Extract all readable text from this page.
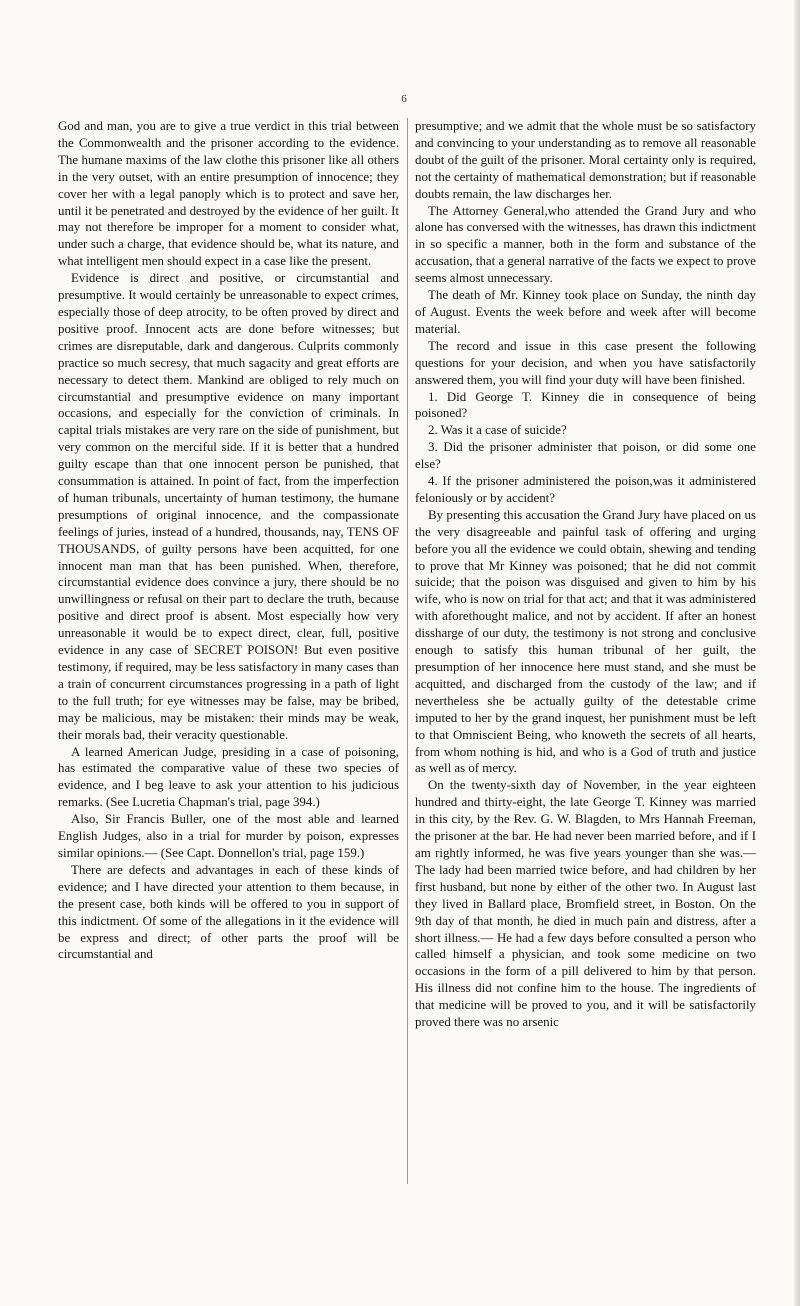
6

God and man, you are to give a true verdict in this trial between the Commonwealth and the prisoner according to the evidence. The humane maxims of the law clothe this prisoner like all others in the very outset, with an entire presumption of innocence; they cover her with a legal panoply which is to protect and save her, until it be penetrated and destroyed by the evidence of her guilt. It may not therefore be improper for a moment to consider what, under such a charge, that evidence should be, what its nature, and what intelligent men should expect in a case like the present.

Evidence is direct and positive, or circumstantial and presumptive. It would certainly be unreasonable to expect crimes, especially those of deep atrocity, to be often proved by direct and positive proof. Innocent acts are done before witnesses; but crimes are disreputable, dark and dangerous. Culprits commonly practice so much secresy, that much sagacity and great efforts are necessary to detect them. Mankind are obliged to rely much on circumstantial and presumptive evidence on many important occasions, and especially for the conviction of criminals. In capital trials mistakes are very rare on the side of punishment, but very common on the merciful side. If it is better that a hundred guilty escape than that one innocent person be punished, that consummation is attained. In point of fact, from the imperfection of human tribunals, uncertainty of human testimony, the humane presumptions of original innocence, and the compassionate feelings of juries, instead of a hundred, thousands, nay, TENS OF THOUSANDS, of guilty persons have been acquitted, for one innocent man man that has been punished. When, therefore, circumstantial evidence does convince a jury, there should be no unwillingness or refusal on their part to declare the truth, because positive and direct proof is absent. Most especially how very unreasonable it would be to expect direct, clear, full, positive evidence in any case of SECRET POISON! But even positive testimony, if required, may be less satisfactory in many cases than a train of concurrent circumstances progressing in a path of light to the full truth; for eye witnesses may be false, may be bribed, may be malicious, may be mistaken: their minds may be weak, their morals bad, their veracity questionable.

A learned American Judge, presiding in a case of poisoning, has estimated the comparative value of these two species of evidence, and I beg leave to ask your attention to his judicious remarks. (See Lucretia Chapman's trial, page 394.)

Also, Sir Francis Buller, one of the most able and learned English Judges, also in a trial for murder by poison, expresses similar opinions.— (See Capt. Donnellon's trial, page 159.)

There are defects and advantages in each of these kinds of evidence; and I have directed your attention to them because, in the present case, both kinds will be offered to you in support of this indictment. Of some of the allegations in it the evidence will be express and direct; of other parts the proof will be circumstantial and

presumptive; and we admit that the whole must be so satisfactory and convincing to your understanding as to remove all reasonable doubt of the guilt of the prisoner. Moral certainty only is required, not the certainty of mathematical demonstration; but if reasonable doubts remain, the law discharges her.

The Attorney General,who attended the Grand Jury and who alone has conversed with the witnesses, has drawn this indictment in so specific a manner, both in the form and substance of the accusation, that a general narrative of the facts we expect to prove seems almost unnecessary.

The death of Mr. Kinney took place on Sunday, the ninth day of August. Events the week before and week after will become material.

The record and issue in this case present the following questions for your decision, and when you have satisfactorily answered them, you will find your duty will have been finished.

1. Did George T. Kinney die in consequence of being poisoned?

2. Was it a case of suicide?

3. Did the prisoner administer that poison, or did some one else?

4. If the prisoner administered the poison,was it administered feloniously or by accident?

By presenting this accusation the Grand Jury have placed on us the very disagreeable and painful task of offering and urging before you all the evidence we could obtain, shewing and tending to prove that Mr Kinney was poisoned; that he did not commit suicide; that the poison was disguised and given to him by his wife, who is now on trial for that act; and that it was administered with aforethought malice, and not by accident. If after an honest dissharge of our duty, the testimony is not strong and conclusive enough to satisfy this human tribunal of her guilt, the presumption of her innocence here must stand, and she must be acquitted, and discharged from the custody of the law; and if nevertheless she be actually guilty of the detestable crime imputed to her by the grand inquest, her punishment must be left to that Omniscient Being, who knoweth the secrets of all hearts, from whom nothing is hid, and who is a God of truth and justice as well as of mercy.

On the twenty-sixth day of November, in the year eighteen hundred and thirty-eight, the late George T. Kinney was married in this city, by the Rev. G. W. Blagden, to Mrs Hannah Freeman, the prisoner at the bar. He had never been married before, and if I am rightly informed, he was five years younger than she was.— The lady had been married twice before, and had children by her first husband, but none by either of the other two. In August last they lived in Ballard place, Bromfield street, in Boston. On the 9th day of that month, he died in much pain and distress, after a short illness.— He had a few days before consulted a person who called himself a physician, and took some medicine on two occasions in the form of a pill delivered to him by that person. His illness did not confine him to the house. The ingredients of that medicine will be proved to you, and it will be satisfactorily proved there was no arsenic
